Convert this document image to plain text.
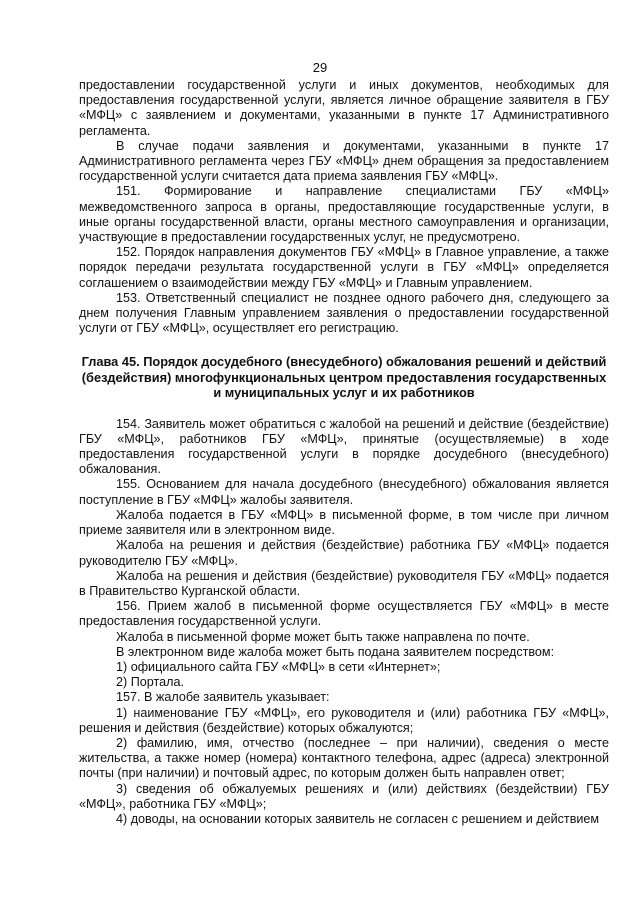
29

предоставлении государственной услуги и иных документов, необходимых для предоставления государственной услуги, является личное обращение заявителя в ГБУ «МФЦ» с заявлением и документами, указанными в пункте 17 Административного регламента.

В случае подачи заявления и документами, указанными в пункте 17 Административного регламента через ГБУ «МФЦ» днем обращения за предоставлением государственной услуги считается дата приема заявления ГБУ «МФЦ».

151. Формирование и направление специалистами ГБУ «МФЦ» межведомственного запроса в органы, предоставляющие государственные услуги, в иные органы государственной власти, органы местного самоуправления и организации, участвующие в предоставлении государственных услуг, не предусмотрено.

152. Порядок направления документов ГБУ «МФЦ» в Главное управление, а также порядок передачи результата государственной услуги в ГБУ «МФЦ» определяется соглашением о взаимодействии между ГБУ «МФЦ» и Главным управлением.

153. Ответственный специалист не позднее одного рабочего дня, следующего за днем получения Главным управлением заявления о предоставлении государственной услуги от ГБУ «МФЦ», осуществляет его регистрацию.

Глава 45. Порядок досудебного (внесудебного) обжалования решений и действий (бездействия) многофункциональных центром предоставления государственных и муниципальных услуг и их работников

154. Заявитель может обратиться с жалобой на решений и действие (бездействие) ГБУ «МФЦ», работников ГБУ «МФЦ», принятые (осуществляемые) в ходе предоставления государственной услуги в порядке досудебного (внесудебного) обжалования.

155. Основанием для начала досудебного (внесудебного) обжалования является поступление в ГБУ «МФЦ» жалобы заявителя.

Жалоба подается в ГБУ «МФЦ» в письменной форме, в том числе при личном приеме заявителя или в электронном виде.

Жалоба на решения и действия (бездействие) работника ГБУ «МФЦ» подается руководителю ГБУ «МФЦ».

Жалоба на решения и действия (бездействие) руководителя ГБУ «МФЦ» подается в Правительство Курганской области.

156. Прием жалоб в письменной форме осуществляется ГБУ «МФЦ» в месте предоставления государственной услуги.

Жалоба в письменной форме может быть также направлена по почте.

В электронном виде жалоба может быть подана заявителем посредством:

1) официального сайта ГБУ «МФЦ» в сети «Интернет»;

2) Портала.

157. В жалобе заявитель указывает:

1) наименование ГБУ «МФЦ», его руководителя и (или) работника ГБУ «МФЦ», решения и действия (бездействие) которых обжалуются;

2) фамилию, имя, отчество (последнее – при наличии), сведения о месте жительства, а также номер (номера) контактного телефона, адрес (адреса) электронной почты (при наличии) и почтовый адрес, по которым должен быть направлен ответ;

3) сведения об обжалуемых решениях и (или) действиях (бездействии) ГБУ «МФЦ», работника ГБУ «МФЦ»;

4) доводы, на основании которых заявитель не согласен с решением и действием
